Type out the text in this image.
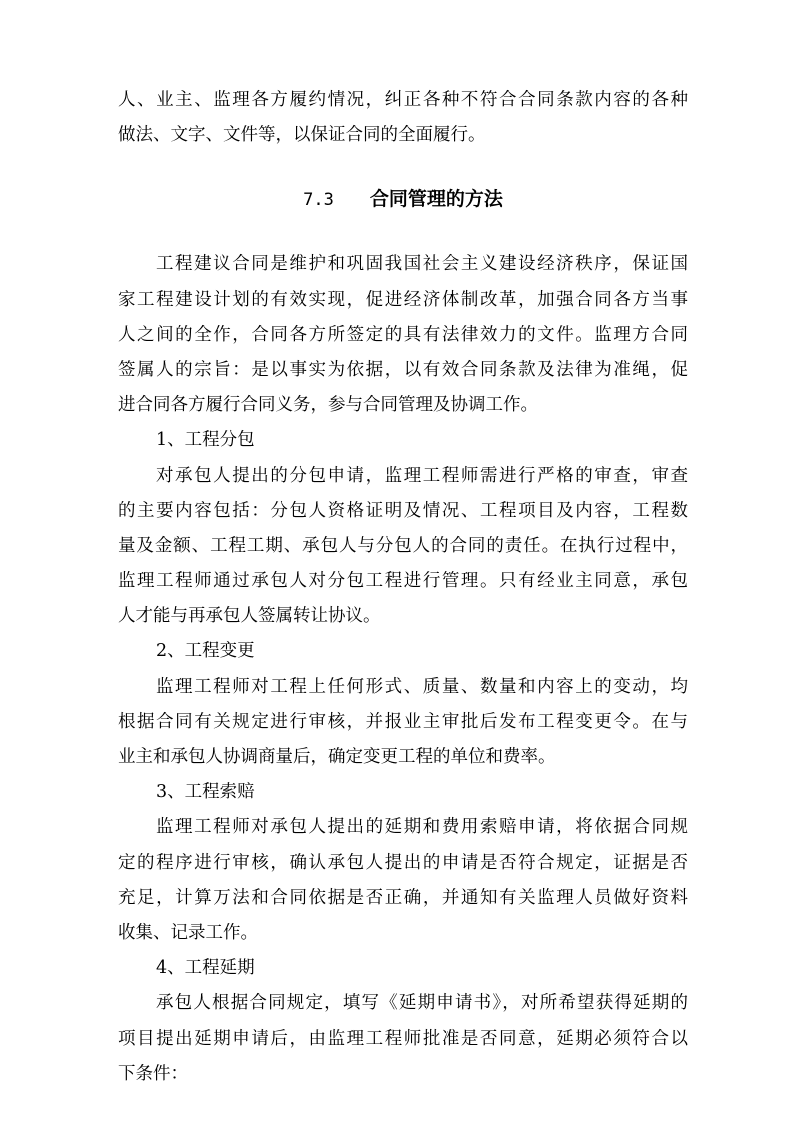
人、业主、监理各方履约情况，纠正各种不符合合同条款内容的各种
做法、文字、文件等，以保证合同的全面履行。
7.3 合同管理的方法
工程建议合同是维护和巩固我国社会主义建设经济秩序，保证国
家工程建设计划的有效实现，促进经济体制改革，加强合同各方当事
人之间的全作，合同各方所签定的具有法律效力的文件。监理方合同
签属人的宗旨：是以事实为依据，以有效合同条款及法律为准绳，促
进合同各方履行合同义务，参与合同管理及协调工作。
1、工程分包
对承包人提出的分包申请，监理工程师需进行严格的审查，审查
的主要内容包括：分包人资格证明及情况、工程项目及内容，工程数
量及金额、工程工期、承包人与分包人的合同的责任。在执行过程中，
监理工程师通过承包人对分包工程进行管理。只有经业主同意，承包
人才能与再承包人签属转让协议。
2、工程变更
监理工程师对工程上任何形式、质量、数量和内容上的变动，均
根据合同有关规定进行审核，并报业主审批后发布工程变更令。在与
业主和承包人协调商量后，确定变更工程的单位和费率。
3、工程索赔
监理工程师对承包人提出的延期和费用索赔申请，将依据合同规
定的程序进行审核，确认承包人提出的申请是否符合规定，证据是否
充足，计算万法和合同依据是否正确，并通知有关监理人员做好资料
收集、记录工作。
4、工程延期
承包人根据合同规定，填写《延期申请书》，对所希望获得延期的
项目提出延期申请后，由监理工程师批准是否同意，延期必须符合以
下条件：
